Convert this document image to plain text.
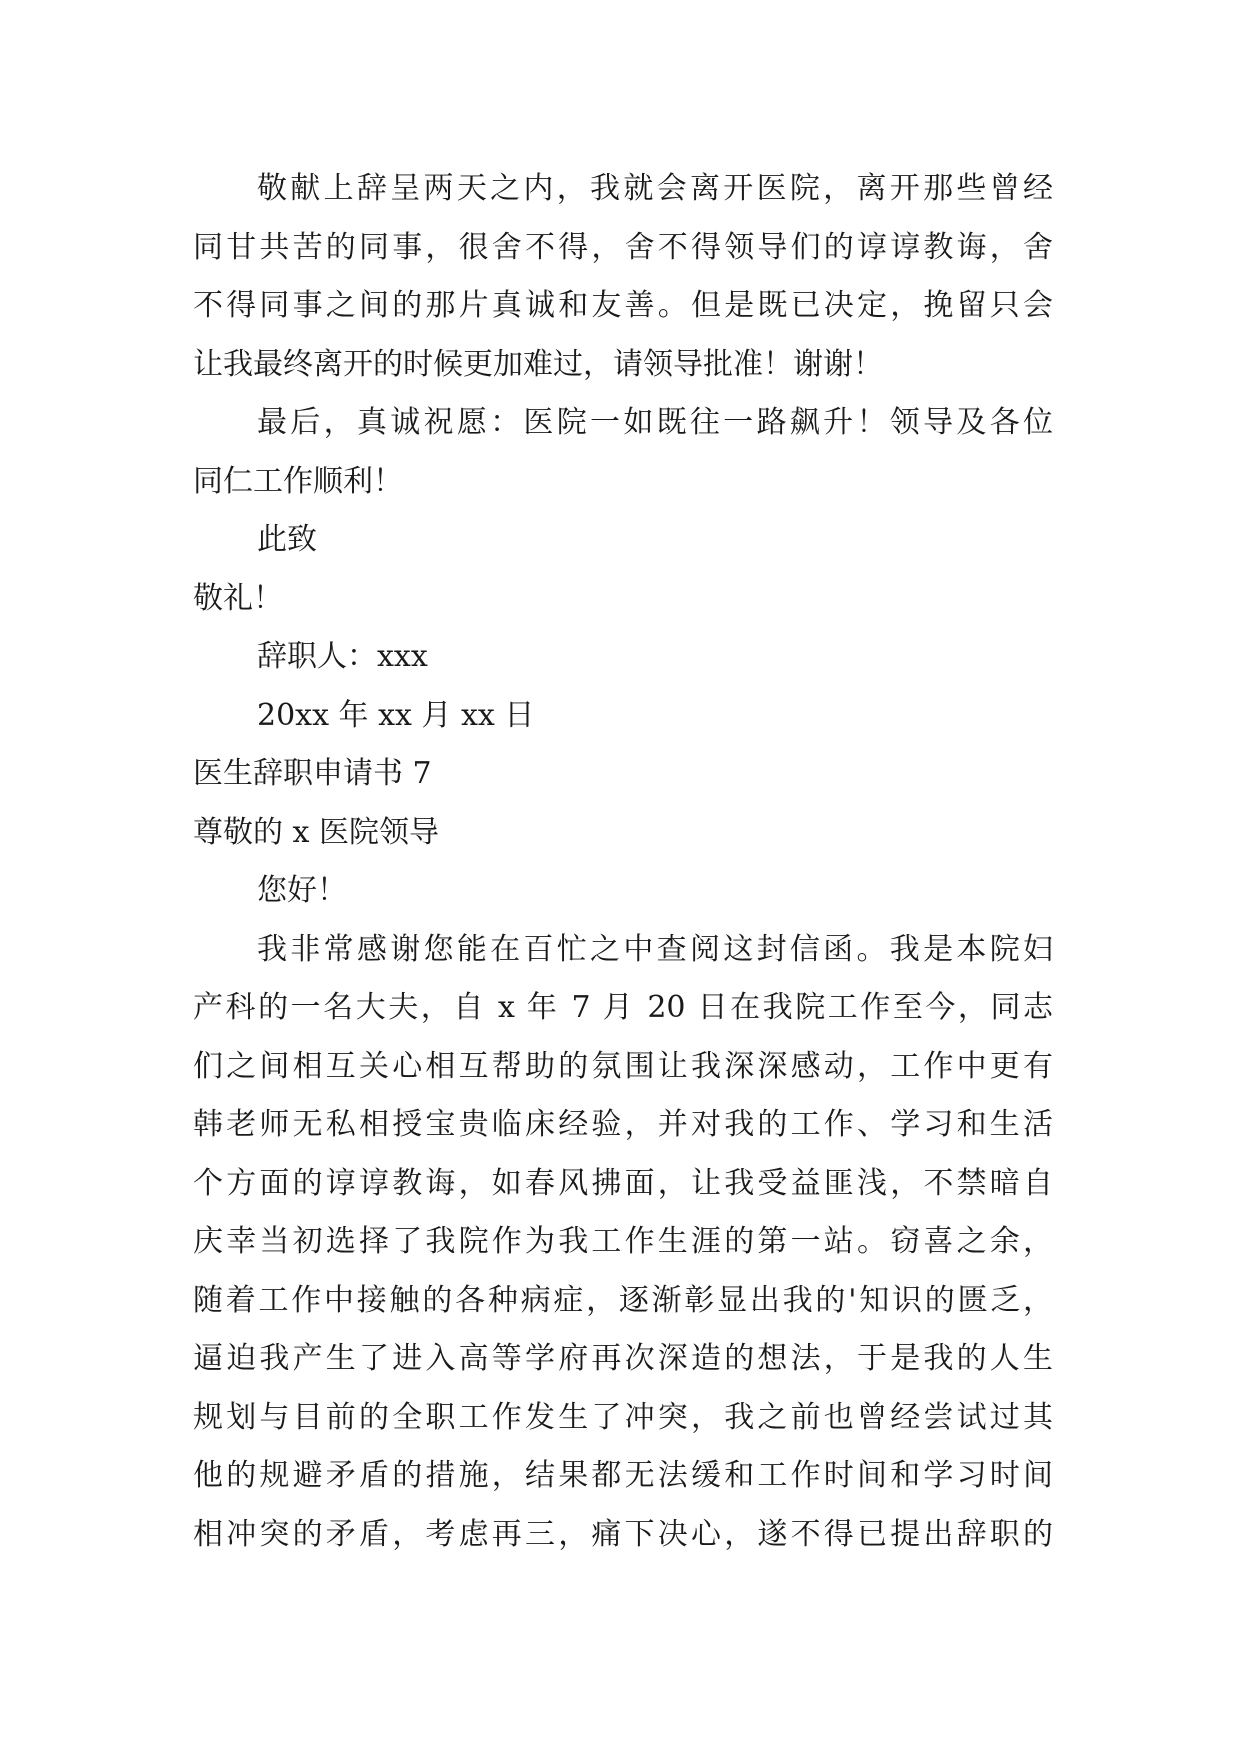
敬献上辞呈两天之内，我就会离开医院，离开那些曾经
同甘共苦的同事，很舍不得，舍不得领导们的谆谆教诲，舍
不得同事之间的那片真诚和友善。但是既已决定，挽留只会
让我最终离开的时候更加难过，请领导批准！谢谢！
最后，真诚祝愿：医院一如既往一路飙升！领导及各位
同仁工作顺利！
此致
敬礼！
辞职人：xxx
20xx 年 xx 月 xx 日
医生辞职申请书 7
尊敬的 x 医院领导
您好！
我非常感谢您能在百忙之中查阅这封信函。我是本院妇
产科的一名大夫，自 x 年 7 月 20 日在我院工作至今，同志
们之间相互关心相互帮助的氛围让我深深感动，工作中更有
韩老师无私相授宝贵临床经验，并对我的工作、学习和生活
个方面的谆谆教诲，如春风拂面，让我受益匪浅，不禁暗自
庆幸当初选择了我院作为我工作生涯的第一站。窃喜之余，
随着工作中接触的各种病症，逐渐彰显出我的'知识的匮乏，
逼迫我产生了进入高等学府再次深造的想法，于是我的人生
规划与目前的全职工作发生了冲突，我之前也曾经尝试过其
他的规避矛盾的措施，结果都无法缓和工作时间和学习时间
相冲突的矛盾，考虑再三，痛下决心，遂不得已提出辞职的
